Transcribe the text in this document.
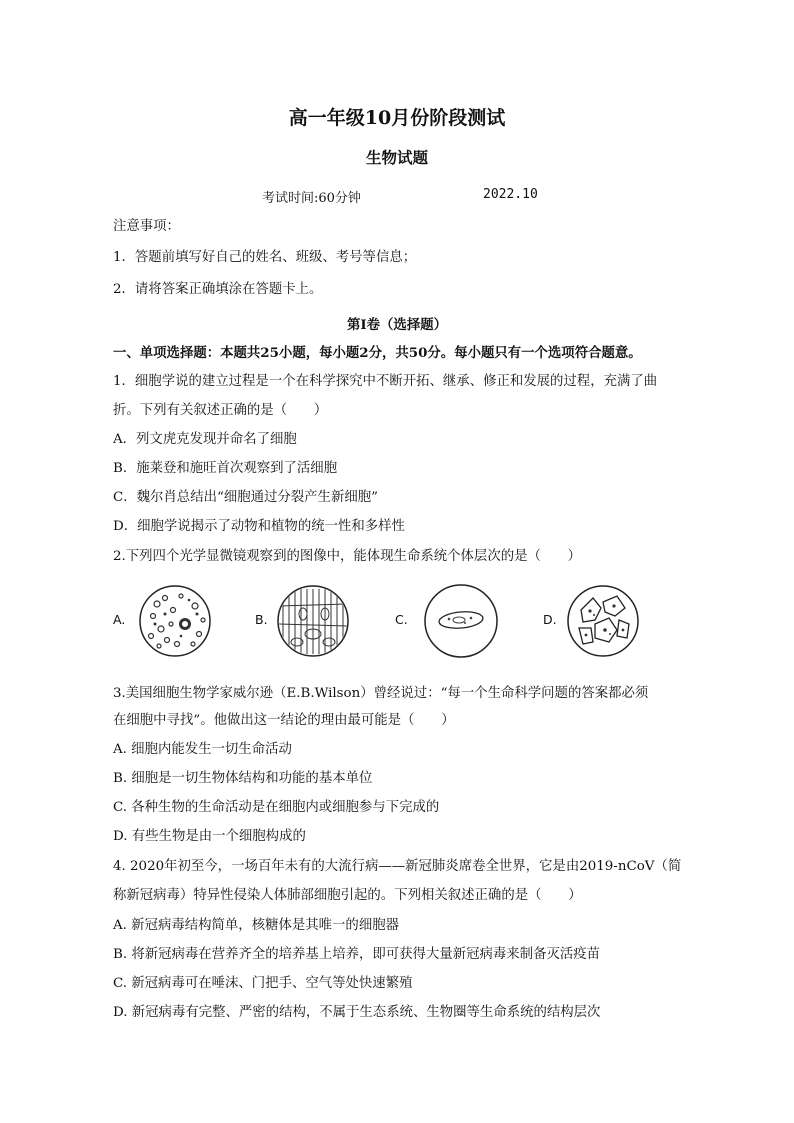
高一年级10月份阶段测试
生物试题
考试时间:60分钟	2022.10
注意事项：
1．答题前填写好自己的姓名、班级、考号等信息；
2．请将答案正确填涂在答题卡上。
第I卷（选择题）
一、单项选择题：本题共25小题，每小题2分，共50分。每小题只有一个选项符合题意。
1．细胞学说的建立过程是一个在科学探究中不断开拓、继承、修正和发展的过程，充满了曲
折。下列有关叙述正确的是（　　）
A．列文虎克发现并命名了细胞
B．施莱登和施旺首次观察到了活细胞
C．魏尔肖总结出“细胞通过分裂产生新细胞”
D．细胞学说揭示了动物和植物的统一性和多样性
2.下列四个光学显微镜观察到的图像中，能体现生命系统个体层次的是（　　）
A.	B.	C.	D.
3.美国细胞生物学家威尔逊（E.B.Wilson）曾经说过：“每一个生命科学问题的答案都必须
在细胞中寻找”。他做出这一结论的理由最可能是（　　）
A. 细胞内能发生一切生命活动
B. 细胞是一切生物体结构和功能的基本单位
C. 各种生物的生命活动是在细胞内或细胞参与下完成的
D. 有些生物是由一个细胞构成的
4. 2020年初至今，一场百年未有的大流行病——新冠肺炎席卷全世界，它是由2019-nCoV（简
称新冠病毒）特异性侵染人体肺部细胞引起的。下列相关叙述正确的是（　　）
A. 新冠病毒结构简单，核糖体是其唯一的细胞器
B. 将新冠病毒在营养齐全的培养基上培养，即可获得大量新冠病毒来制备灭活疫苗
C. 新冠病毒可在唾沫、门把手、空气等处快速繁殖
D. 新冠病毒有完整、严密的结构，不属于生态系统、生物圈等生命系统的结构层次
